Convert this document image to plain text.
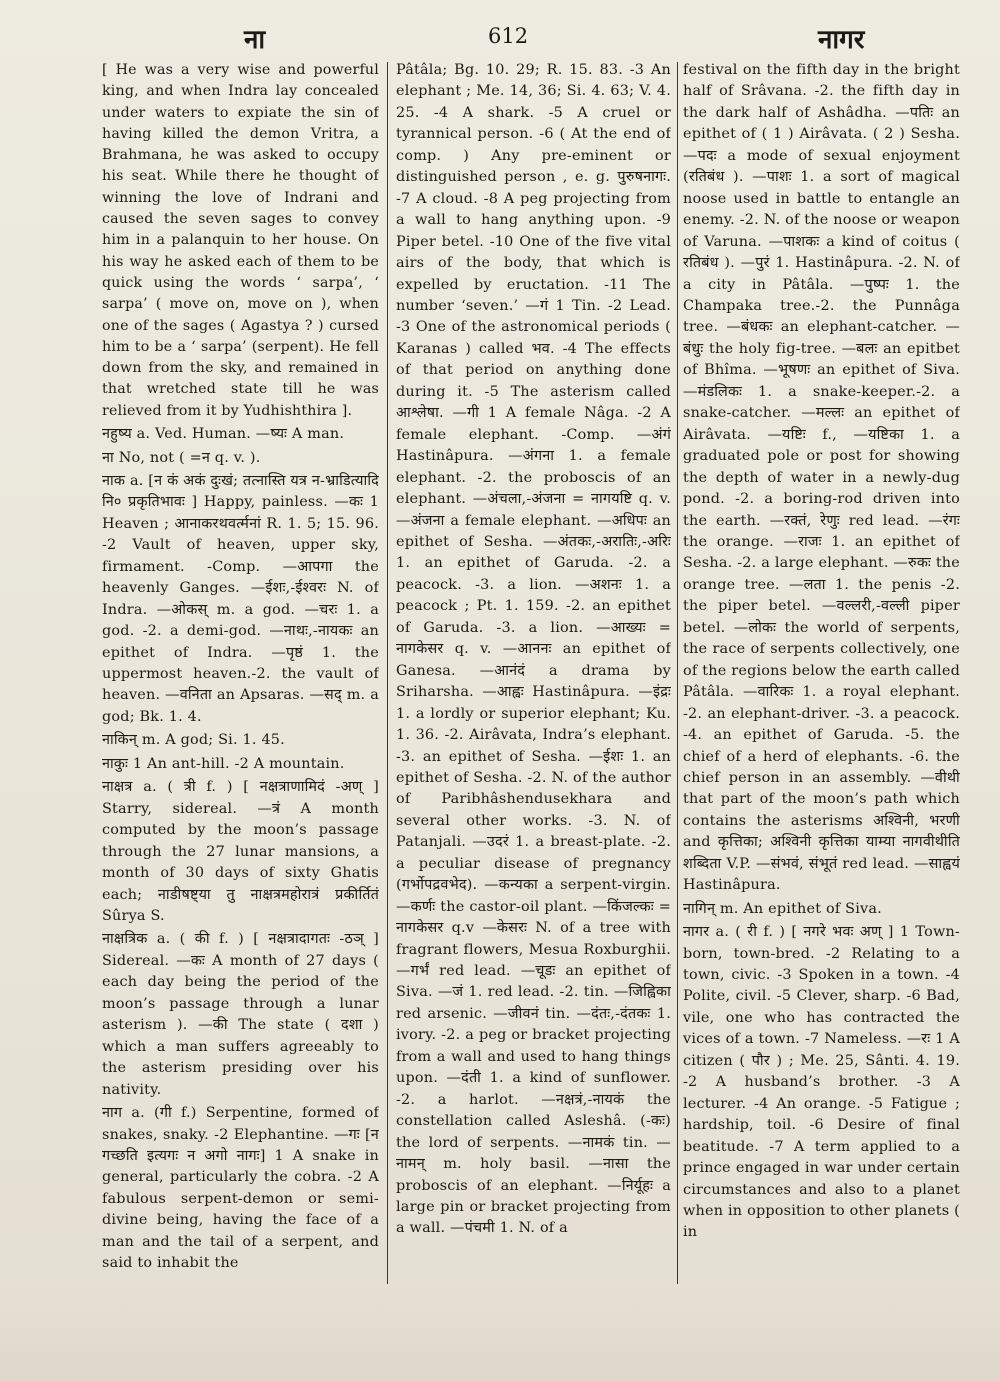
ना	612	नागर

[ He was a very wise and powerful king, and when Indra lay concealed under waters to expiate the sin of having killed the demon Vritra, a Brahmana, he was asked to occupy his seat. While there he thought of winning the love of Indrani and caused the seven sages to convey him in a palanquin to her house. On his way he asked each of them to be quick using the words ‘ sarpa’, ‘ sarpa’ ( move on, move on ), when one of the sages ( Agastya ? ) cursed him to be a ‘ sarpa’ (serpent). He fell down from the sky, and remained in that wretched state till he was relieved from it by Yudhishthira ].

नहुष्य a. Ved. Human. —ष्यः A man.

ना No, not ( =न q. v. ).

नाक a. [न कं अकं दुःखं; तत्नास्ति यत्र न-भ्राडित्यादि नि० प्रकृतिभावः ] Happy, painless. —कः 1 Heaven ; आनाकरथवर्त्मनां R. 1. 5; 15. 96. -2 Vault of heaven, upper sky, firmament. -Comp. —आपगा the heavenly Ganges. —ईशः,-ईश्वरः N. of Indra. —ओकस् m. a god. —चरः 1. a god. -2. a demi-god. —नाथः,-नायकः an epithet of Indra. —पृष्ठं 1. the uppermost heaven.-2. the vault of heaven. —वनिता an Apsaras. —सद् m. a god; Bk. 1. 4.

नाकिन् m. A god; Si. 1. 45.

नाकुः 1 An ant-hill. -2 A mountain.

नाक्षत्र a. ( त्री f. ) [ नक्षत्राणामिदं -अण् ] Starry, sidereal. —त्रं A month computed by the moon’s passage through the 27 lunar mansions, a month of 30 days of sixty Ghatis each; नाडीषष्ट्या तु नाक्षत्रमहोरात्रं प्रकीर्तितं Sûrya S.

नाक्षत्रिक a. ( की f. ) [ नक्षत्रादागतः -ठञ् ] Sidereal. —कः A month of 27 days ( each day being the period of the moon’s passage through a lunar asterism ). —की The state ( दशा ) which a man suffers agreeably to the asterism presiding over his nativity.

नाग a. (गी f.) Serpentine, formed of snakes, snaky. -2 Elephantine. —गः [न गच्छति इत्यगः न अगो नागः] 1 A snake in general, particularly the cobra. -2 A fabulous serpent-demon or semi-divine being, having the face of a man and the tail of a serpent, and said to inhabit the

Pâtâla; Bg. 10. 29; R. 15. 83. -3 An elephant ; Me. 14, 36; Si. 4. 63; V. 4. 25. -4 A shark. -5 A cruel or tyrannical person. -6 ( At the end of comp. ) Any pre-eminent or distinguished person , e. g. पुरुषनागः. -7 A cloud. -8 A peg projecting from a wall to hang anything upon. -9 Piper betel. -10 One of the five vital airs of the body, that which is expelled by eructation. -11 The number ‘seven.’ —गं 1 Tin. -2 Lead. -3 One of the astronomical periods ( Karanas ) called भव. -4 The effects of that period on anything done during it. -5 The asterism called आश्लेषा. —गी 1 A female Nâga. -2 A female elephant. -Comp. —अंगं Hastinâpura. —अंगना 1. a female elephant. -2. the proboscis of an elephant. —अंचला,-अंजना = नागयष्टि q. v. —अंजना a female elephant. —अधिपः an epithet of Sesha. —अंतकः,-अरातिः,-अरिः 1. an epithet of Garuda. -2. a peacock. -3. a lion. —अशनः 1. a peacock ; Pt. 1. 159. -2. an epithet of Garuda. -3. a lion. —आख्यः = नागकेसर q. v. —आननः an epithet of Ganesa. —आनंदं a drama by Sriharsha. —आह्वः Hastinâpura. —इंद्रः 1. a lordly or superior elephant; Ku. 1. 36. -2. Airâvata, Indra’s elephant. -3. an epithet of Sesha. —ईशः 1. an epithet of Sesha. -2. N. of the author of Paribhâshendusekhara and several other works. -3. N. of Patanjali. —उदरं 1. a breast-plate. -2. a peculiar disease of pregnancy (गर्भोपद्रवभेद). —कन्यका a serpent-virgin. —कर्णः the castor-oil plant. —किंजल्कः = नागकेसर q.v —केसरः N. of a tree with fragrant flowers, Mesua Roxburghii. —गर्भं red lead. —चूडः an epithet of Siva. —जं 1. red lead. -2. tin. —जिह्विका red arsenic. —जीवनं tin. —दंतः,-दंतकः 1. ivory. -2. a peg or bracket projecting from a wall and used to hang things upon. —दंती 1. a kind of sunflower. -2. a harlot. —नक्षत्रं,-नायकं the constellation called Asleshâ. (-कः) the lord of serpents. —नामकं tin. —नामन् m. holy basil. —नासा the proboscis of an elephant. —निर्यूहः a large pin or bracket projecting from a wall. —पंचमी 1. N. of a

festival on the fifth day in the bright half of Srâvana. -2. the fifth day in the dark half of Ashâdha. —पतिः an epithet of ( 1 ) Airâvata. ( 2 ) Sesha. —पदः a mode of sexual enjoyment (रतिबंध ). —पाशः 1. a sort of magical noose used in battle to entangle an enemy. -2. N. of the noose or weapon of Varuna. —पाशकः a kind of coitus ( रतिबंध ). —पुरं 1. Hastinâpura. -2. N. of a city in Pâtâla. —पुष्पः 1. the Champaka tree.-2. the Punnâga tree. —बंधकः an elephant-catcher. —बंधुः the holy fig-tree. —बलः an epitbet of Bhîma. —भूषणः an epithet of Siva. —मंडलिकः 1. a snake-keeper.-2. a snake-catcher. —मल्लः an epithet of Airâvata. —यष्टिः f., —यष्टिका 1. a graduated pole or post for showing the depth of water in a newly-dug pond. -2. a boring-rod driven into the earth. —रक्तं, रेणुः red lead. —रंगः the orange. —राजः 1. an epithet of Sesha. -2. a large elephant. —रुकः the orange tree. —लता 1. the penis -2. the piper betel. —वल्लरी,-वल्ली piper betel. —लोकः the world of serpents, the race of serpents collectively, one of the regions below the earth called Pâtâla. —वारिकः 1. a royal elephant. -2. an elephant-driver. -3. a peacock. -4. an epithet of Garuda. -5. the chief of a herd of elephants. -6. the chief person in an assembly. —वीथी that part of the moon’s path which contains the asterisms अश्विनी, भरणी and कृत्तिका; अश्विनी कृत्तिका याम्या नागवीथीति शब्दिता V.P. —संभवं, संभूतं red lead. —साह्वयं Hastinâpura.

नागिन् m. An epithet of Siva.

नागर a. ( री f. ) [ नगरे भवः अण् ] 1 Town-born, town-bred. -2 Relating to a town, civic. -3 Spoken in a town. -4 Polite, civil. -5 Clever, sharp. -6 Bad, vile, one who has contracted the vices of a town. -7 Nameless. —रः 1 A citizen ( पौर ) ; Me. 25, Sânti. 4. 19. -2 A husband’s brother. -3 A lecturer. -4 An orange. -5 Fatigue ; hardship, toil. -6 Desire of final beatitude. -7 A term applied to a prince engaged in war under certain circumstances and also to a planet when in opposition to other planets ( in
